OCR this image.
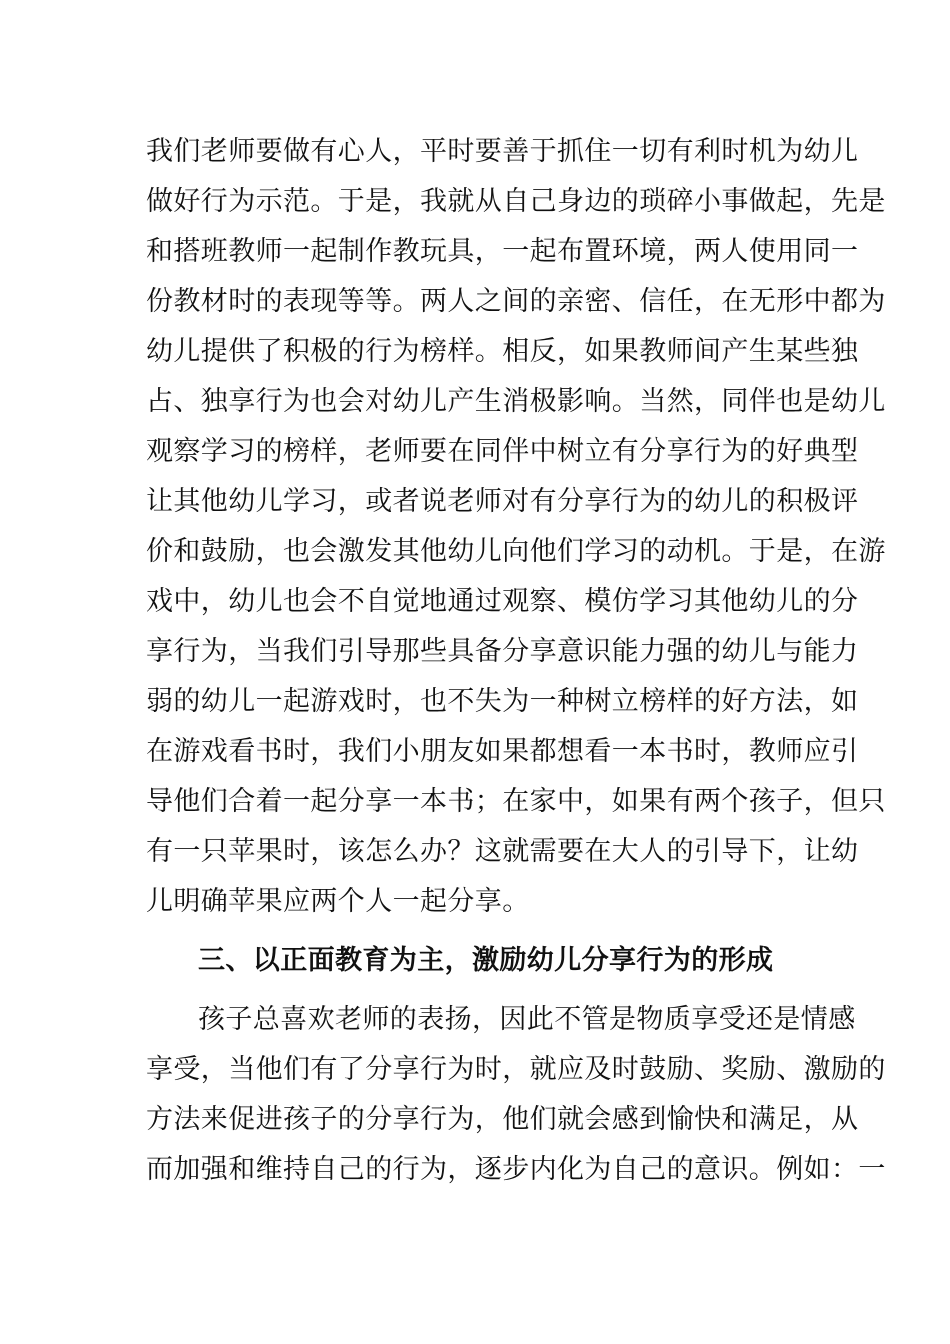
我们老师要做有心人，平时要善于抓住一切有利时机为幼儿
做好行为示范。于是，我就从自己身边的琐碎小事做起，先是
和搭班教师一起制作教玩具，一起布置环境，两人使用同一
份教材时的表现等等。两人之间的亲密、信任，在无形中都为
幼儿提供了积极的行为榜样。相反，如果教师间产生某些独
占、独享行为也会对幼儿产生消极影响。当然，同伴也是幼儿
观察学习的榜样，老师要在同伴中树立有分享行为的好典型
让其他幼儿学习，或者说老师对有分享行为的幼儿的积极评
价和鼓励，也会激发其他幼儿向他们学习的动机。于是，在游
戏中，幼儿也会不自觉地通过观察、模仿学习其他幼儿的分
享行为，当我们引导那些具备分享意识能力强的幼儿与能力
弱的幼儿一起游戏时，也不失为一种树立榜样的好方法，如
在游戏看书时，我们小朋友如果都想看一本书时，教师应引
导他们合着一起分享一本书；在家中，如果有两个孩子，但只
有一只苹果时，该怎么办？这就需要在大人的引导下，让幼
儿明确苹果应两个人一起分享。
三、以正面教育为主，激励幼儿分享行为的形成
孩子总喜欢老师的表扬，因此不管是物质享受还是情感
享受，当他们有了分享行为时，就应及时鼓励、奖励、激励的
方法来促进孩子的分享行为，他们就会感到愉快和满足，从
而加强和维持自己的行为，逐步内化为自己的意识。例如：一
